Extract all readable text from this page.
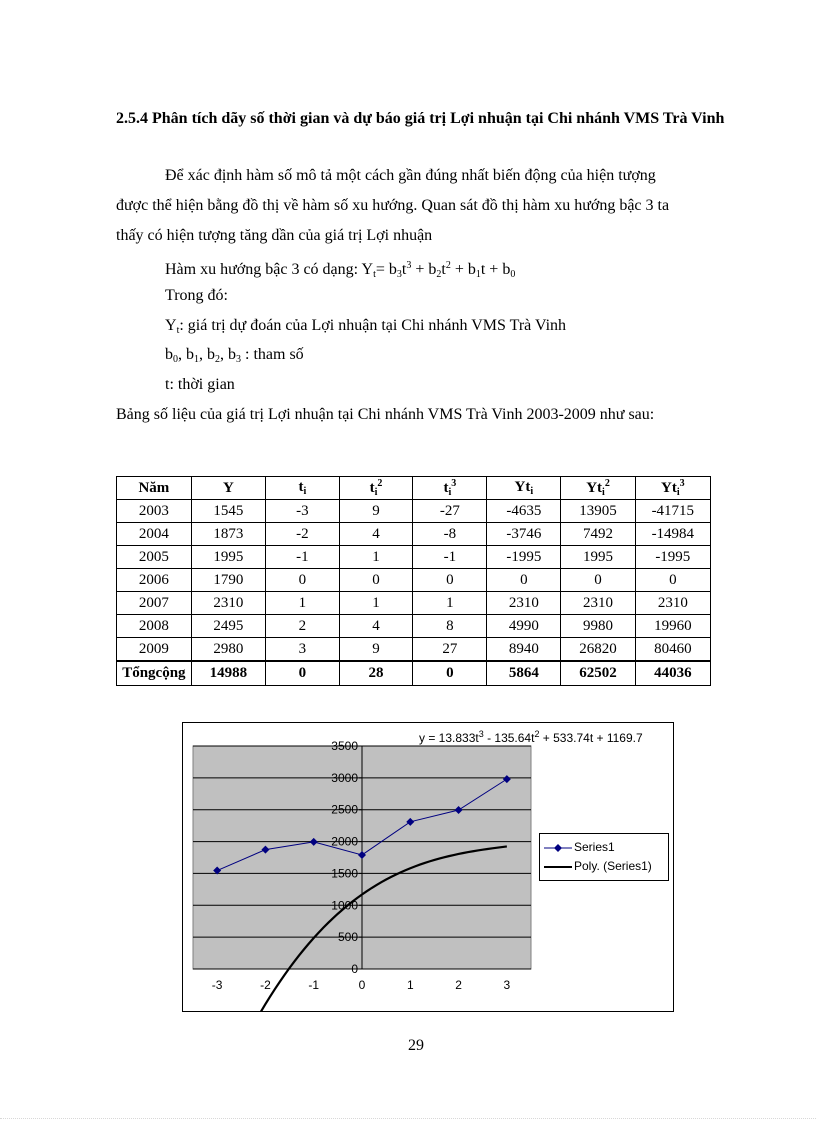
2.5.4 Phân tích dãy số thời gian và dự báo giá trị Lợi nhuận tại Chi nhánh VMS Trà Vinh
Để xác định hàm số mô tả một cách gần đúng nhất biến động của hiện tượng
được thể hiện bằng đồ thị về hàm số xu hướng. Quan sát đồ thị hàm xu hướng bậc 3 ta
thấy có hiện tượng tăng dần của giá trị Lợi nhuận
Hàm xu hướng bậc 3 có dạng: $Y_t= b_3t^3 + b_2t^2 + b_1t + b_0$
Trong đó:
$Y_t$: giá trị dự đoán của Lợi nhuận tại Chi nhánh VMS Trà Vinh
$b_0$, $b_1$, $b_2$, $b_3$ : tham số
t: thời gian
Bảng số liệu của giá trị Lợi nhuận tại Chi nhánh VMS Trà Vinh 2003-2009 như sau:
Năm	Y	$t_i$	$t_i^2$	$t_i^3$	$Yt_i$	$Yt_i^2$	$Yt_i^3$
2003	1545	-3	9	-27	-4635	13905	-41715
2004	1873	-2	4	-8	-3746	7492	-14984
2005	1995	-1	1	-1	-1995	1995	-1995
2006	1790	0	0	0	0	0	0
2007	2310	1	1	1	2310	2310	2310
2008	2495	2	4	8	4990	9980	19960
2009	2980	3	9	27	8940	26820	80460
Tổngcộng	14988	0	28	0	5864	62502	44036
0
500
1000
1500
2000
2500
3000
3500
-3	-2	-1	0	1	2	3
$y = 13.833t^3 - 135.64t^2 + 533.74t + 1169.7$
Series1
Poly. (Series1)
29
